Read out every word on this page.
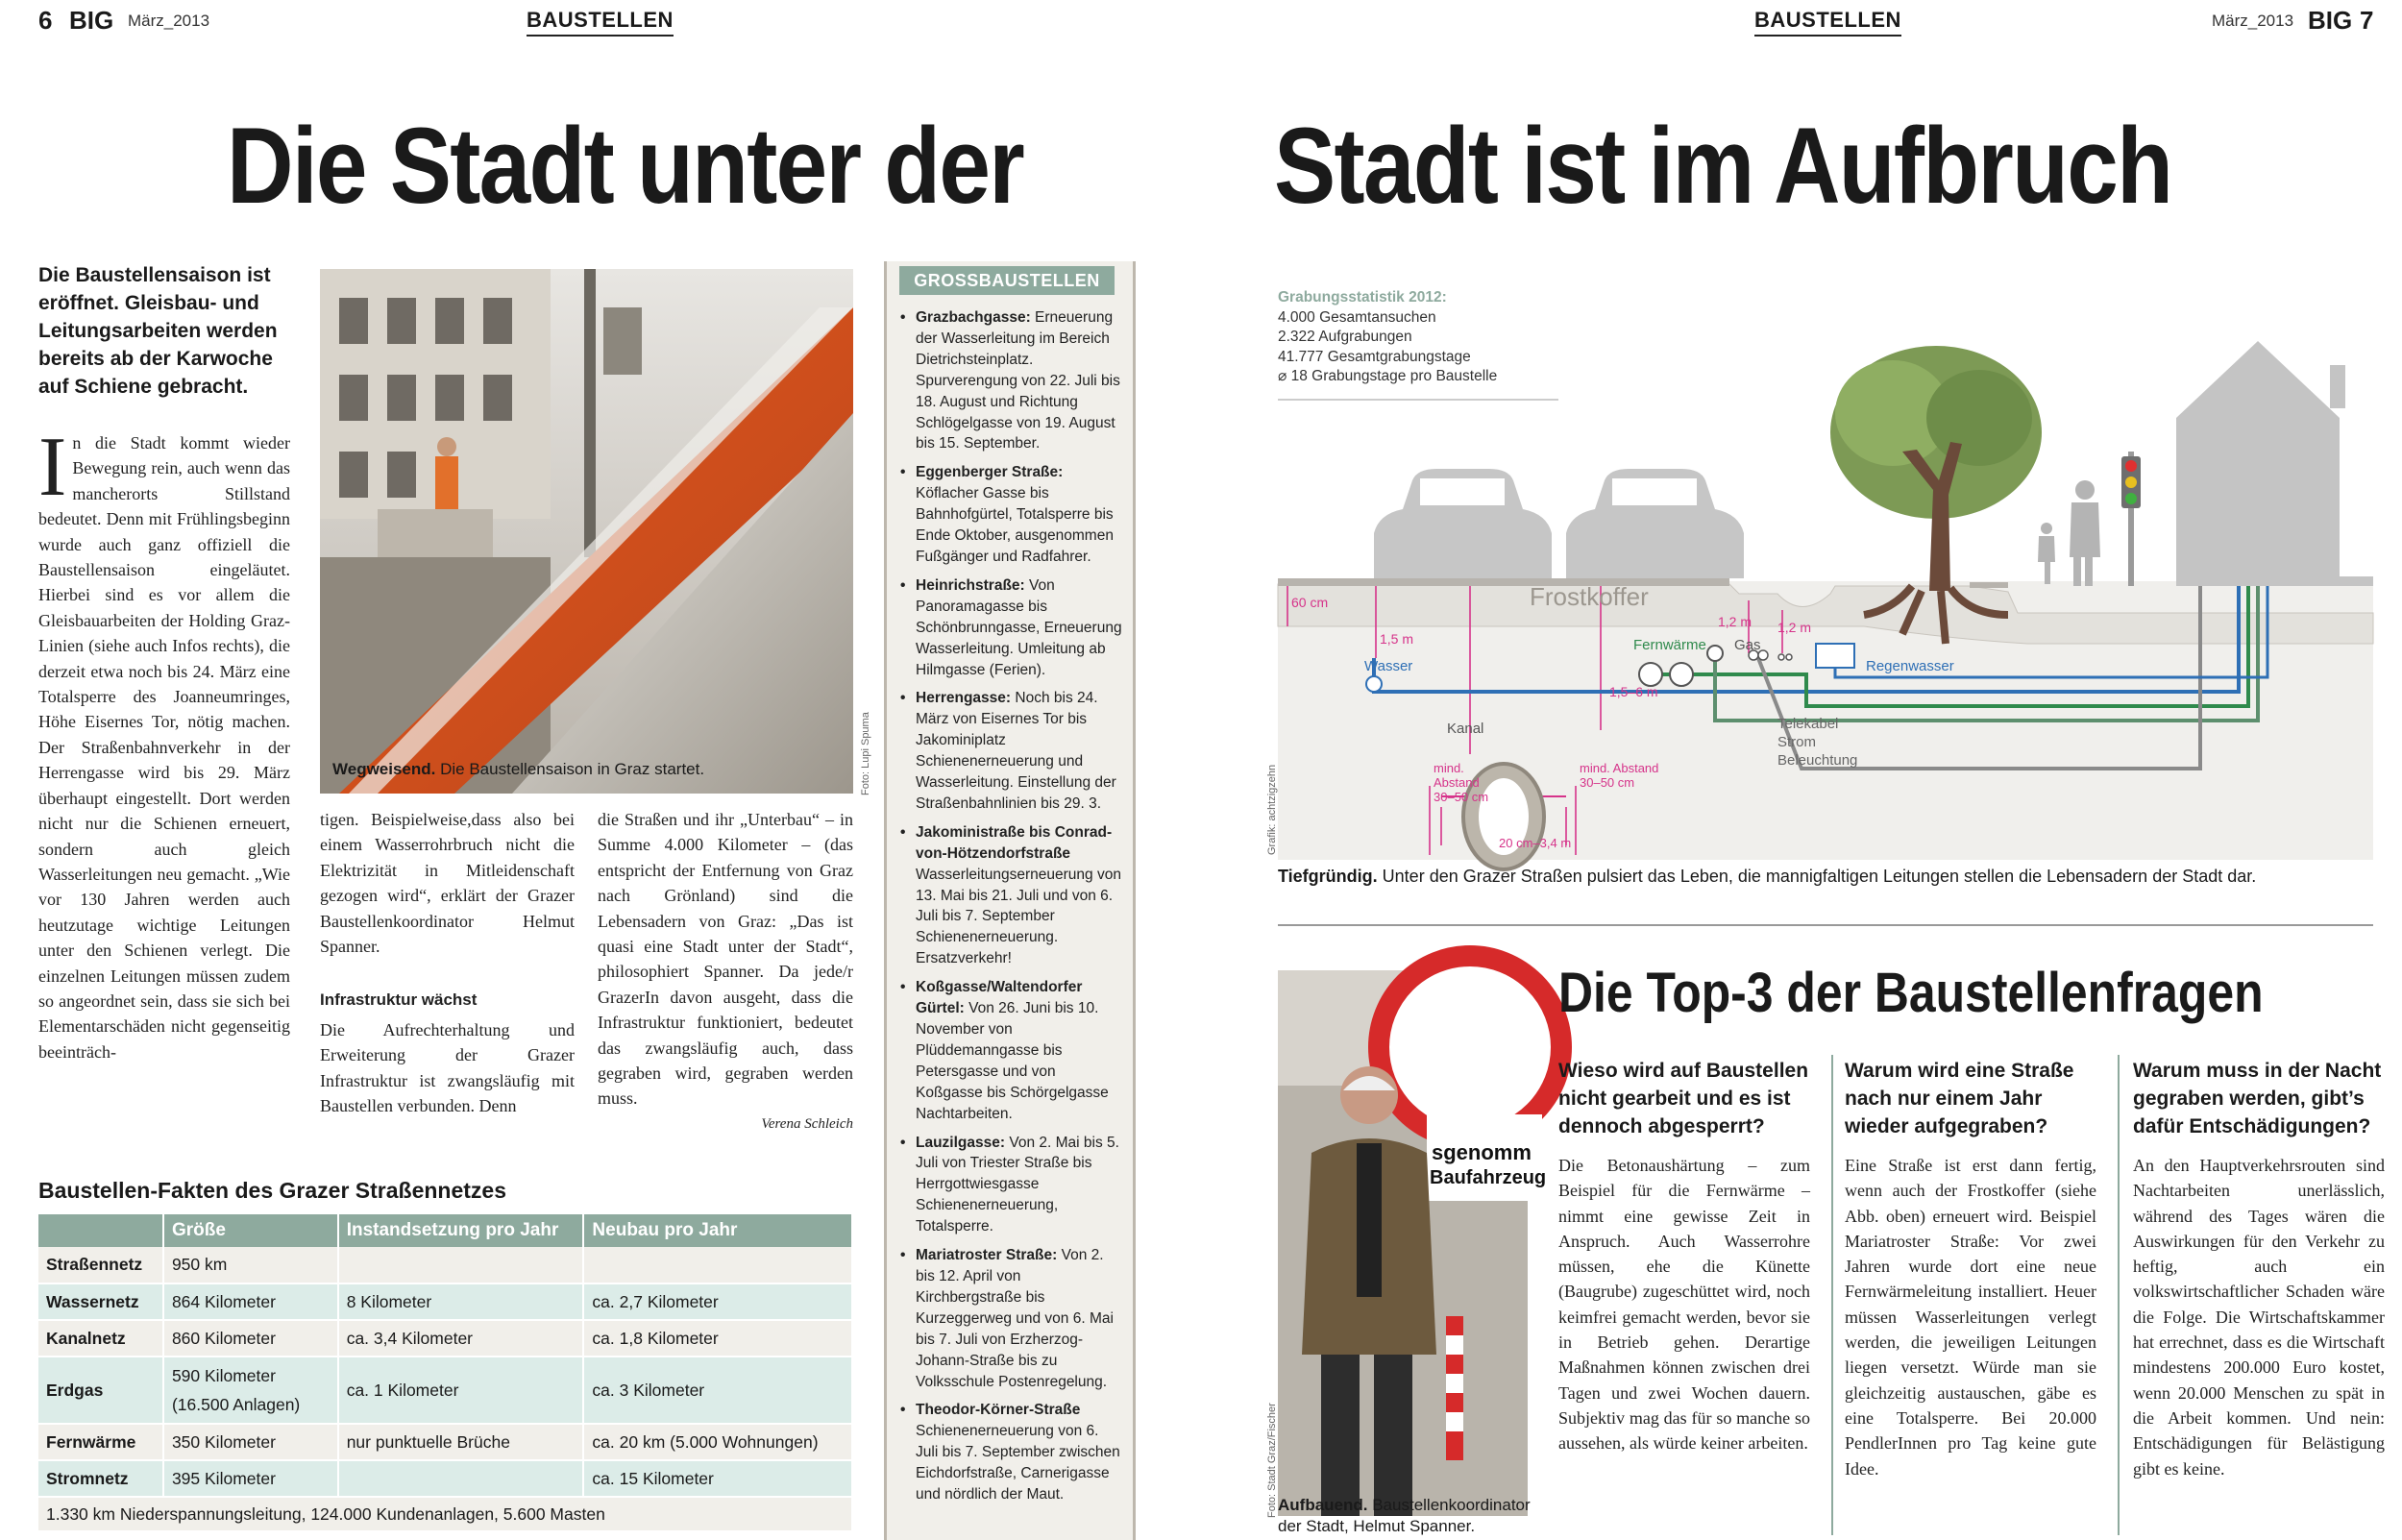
6 BIG März_2013	BAUSTELLEN	BAUSTELLEN	März_2013 BIG 7
Die Stadt unter der Stadt ist im Aufbruch
Die Baustellensaison ist eröffnet. Gleisbau- und Leitungsarbeiten werden bereits ab der Karwoche auf Schiene gebracht.
I n die Stadt kommt wieder Bewegung rein, auch wenn das mancherorts Stillstand bedeutet. Denn mit Frühlingsbeginn wurde auch ganz offiziell die Baustellensaison eingeläutet. Hierbei sind es vor allem die Gleisbauarbeiten der Holding Graz-Linien (siehe auch Infos rechts), die derzeit etwa noch bis 24. März eine Totalsperre des Joanneumringes, Höhe Eisernes Tor, nötig machen. Der Straßenbahnverkehr in der Herrengasse wird bis 29. März überhaupt eingestellt. Dort werden nicht nur die Schienen erneuert, sondern auch gleich Wasserleitungen neu gemacht. „Wie vor 130 Jahren werden auch heutzutage wichtige Leitungen unter den Schienen verlegt. Die einzelnen Leitungen müssen zudem so angeordnet sein, dass sie sich bei Elementarschäden nicht gegenseitig beeinträch-
Wegweisend. Die Baustellensaison in Graz startet.	Foto: Lupi Spuma

tigen. Beispielweise,dass also bei einem Wasserrohrbruch nicht die Elektrizität in Mitleidenschaft gezogen wird“, erklärt der Grazer Baustellenkoordinator Helmut Spanner.

Infrastruktur wächst

Die Aufrechterhaltung und Erweiterung der Grazer Infrastruktur ist zwangsläufig mit Baustellen verbunden. Denn

die Straßen und ihr „Unterbau“ – in Summe 4.000 Kilometer – (das entspricht der Entfernung von Graz nach Grönland) sind die Lebensadern von Graz: „Das ist quasi eine Stadt unter der Stadt“, philosophiert Spanner. Da jede/r GrazerIn davon ausgeht, dass die Infrastruktur funktioniert, bedeutet das zwangsläufig auch, dass gegraben wird, gegraben werden muss.

Verena Schleich
GROSSBAUSTELLEN
• Grazbachgasse: Erneuerung der Wasserleitung im Bereich Dietrichsteinplatz. Spurverengung von 22. Juli bis 18. August und Richtung Schlögelgasse von 19. August bis 15. September.
• Eggenberger Straße: Köflacher Gasse bis Bahnhofgürtel, Totalsperre bis Ende Oktober, ausgenommen Fußgänger und Radfahrer.
• Heinrichstraße: Von Panoramagasse bis Schönbrunngasse, Erneuerung Wasserleitung. Umleitung ab Hilmgasse (Ferien).
• Herrengasse: Noch bis 24. März von Eisernes Tor bis Jakominiplatz Schienenerneuerung und Wasserleitung. Einstellung der Straßenbahnlinien bis 29. 3.
• Jakoministraße bis Conrad-von-Hötzendorfstraße Wasserleitungserneuerung von 13. Mai bis 21. Juli und von 6. Juli bis 7. September Schienenerneuerung. Ersatzverkehr!
• Koßgasse/Waltendorfer Gürtel: Von 26. Juni bis 10. November von Plüddemanngasse bis Petersgasse und von Koßgasse bis Schörgelgasse Nachtarbeiten.
• Lauzilgasse: Von 2. Mai bis 5. Juli von Triester Straße bis Herrgottwiesgasse Schienenerneuerung, Totalsperre.
• Mariatroster Straße: Von 2. bis 12. April von Kirchbergstraße bis Kurzeggerweg und von 6. Mai bis 7. Juli von Erzherzog-Johann-Straße bis zu Volksschule Postenregelung.
• Theodor-Körner-Straße Schienenerneuerung von 6. Juli bis 7. September zwischen Eichdorfstraße, Carnerigasse und nördlich der Maut.
Baustellen-Fakten des Grazer Straßennetzes
	Größe	Instandsetzung pro Jahr	Neubau pro Jahr
Straßennetz	950 km		
Wassernetz	864 Kilometer	8 Kilometer	ca. 2,7 Kilometer
Kanalnetz	860 Kilometer	ca. 3,4 Kilometer	ca. 1,8 Kilometer
Erdgas	590 Kilometer (16.500 Anlagen)	ca. 1 Kilometer	ca. 3 Kilometer
Fernwärme	350 Kilometer	nur punktuelle Brüche	ca. 20 km (5.000 Wohnungen)
Stromnetz	395 Kilometer		ca. 15 Kilometer
1.330 km Niederspannungsleitung, 124.000 Kundenanlagen, 5.600 Masten			
Grabungsstatistik 2012:
4.000 Gesamtansuchen
2.322 Aufgrabungen
41.777 Gesamtgrabungstage
⌀ 18 Grabungstage pro Baustelle
60 cm
1,5 m
Frostkoffer
1,5–6 m
1,2 m 1,2 m
Wasser
Fernwärme Gas
Regenwasser
Kanal
mind.
Abstand
30–50 cm
mind. Abstand
30–50 cm
20 cm–3,4 m
Telekabel
Strom
Beleuchtung
Grafik: achtzigzehn
Tiefgründig. Unter den Grazer Straßen pulsiert das Leben, die mannigfaltigen Leitungen stellen die Lebensadern der Stadt dar.
sgenomm
Baufahrzeug
Aufbauend. Baustellenkoordinator der Stadt, Helmut Spanner.
Foto: Stadt Graz/Fischer
Die Top-3 der Baustellenfragen
Wieso wird auf Baustellen nicht gearbeit und es ist dennoch abgesperrt?
Die Betonaushärtung – zum Beispiel für die Fernwärme – nimmt eine gewisse Zeit in Anspruch. Auch Wasserrohre müssen, ehe die Künette (Baugrube) zugeschüttet wird, noch keimfrei gemacht werden, bevor sie in Betrieb gehen. Derartige Maßnahmen können zwischen drei Tagen und zwei Wochen dauern. Subjektiv mag das für so manche so aussehen, als würde keiner arbeiten.
Warum wird eine Straße nach nur einem Jahr wieder aufgegraben?
Eine Straße ist erst dann fertig, wenn auch der Frostkoffer (siehe Abb. oben) erneuert wird. Beispiel Mariatroster Straße: Vor zwei Jahren wurde dort eine neue Fernwärmeleitung installiert. Heuer müssen Wasserleitungen verlegt werden, die jeweiligen Leitungen liegen versetzt. Würde man sie gleichzeitig austauschen, gäbe es eine Totalsperre. Bei 20.000 PendlerInnen pro Tag keine gute Idee.
Warum muss in der Nacht gegraben werden, gibt’s dafür Entschädigungen?
An den Hauptverkehrsrouten sind Nachtarbeiten unerlässlich, während des Tages wären die Auswirkungen für den Verkehr zu heftig, auch ein volkswirtschaftlicher Schaden wäre die Folge. Die Wirtschaftskammer hat errechnet, dass es die Wirtschaft mindestens 200.000 Euro kostet, wenn 20.000 Menschen zu spät in die Arbeit kommen. Und nein: Entschädigungen für Belästigung gibt es keine.
